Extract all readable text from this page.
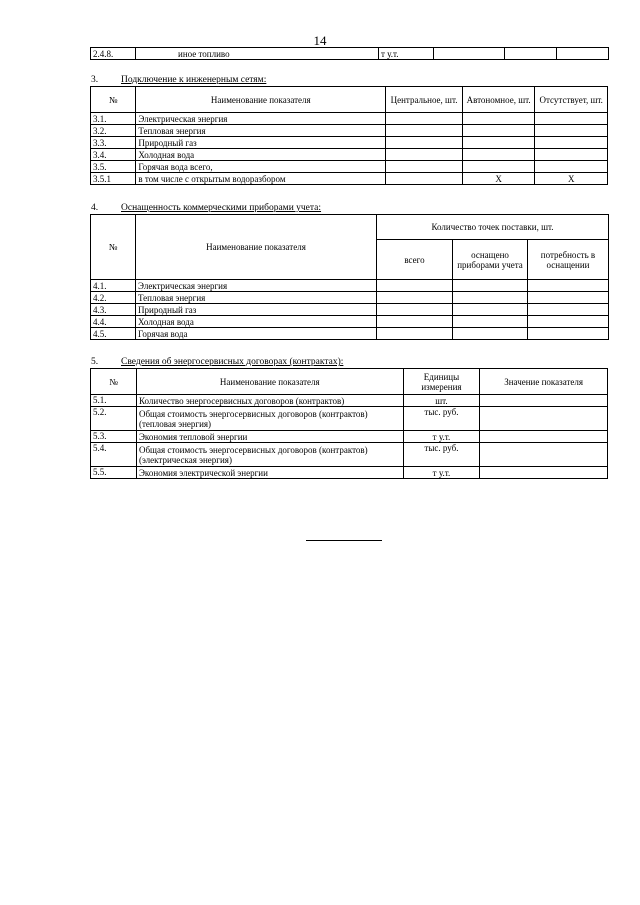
14
2.4.8.	иное топливо	т у.т.			
3. Подключение к инженерным сетям:
№	Наименование показателя	Центральное, шт.	Автономное, шт.	Отсутствует, шт.
3.1.	Электрическая энергия			
3.2.	Тепловая энергия			
3.3.	Природный газ			
3.4.	Холодная вода			
3.5.	Горячая вода всего,			
3.5.1	в том числе с открытым водоразбором		X	X
4. Оснащенность коммерческими приборами учета:
№	Наименование показателя	Количество точек поставки, шт.		
		всего	оснащено приборами учета	потребность в оснащении
4.1.	Электрическая энергия			
4.2.	Тепловая энергия			
4.3.	Природный газ			
4.4.	Холодная вода			
4.5.	Горячая вода			
5. Сведения об энергосервисных договорах (контрактах):
№	Наименование показателя	Единицы измерения	Значение показателя
5.1.	Количество энергосервисных договоров (контрактов)	шт.	
5.2.	Общая стоимость энергосервисных договоров (контрактов) (тепловая энергия)	тыс. руб.	
5.3.	Экономия тепловой энергии	т у.т.	
5.4.	Общая стоимость энергосервисных договоров (контрактов) (электрическая энергия)	тыс. руб.	
5.5.	Экономия электрической энергии	т у.т.	
